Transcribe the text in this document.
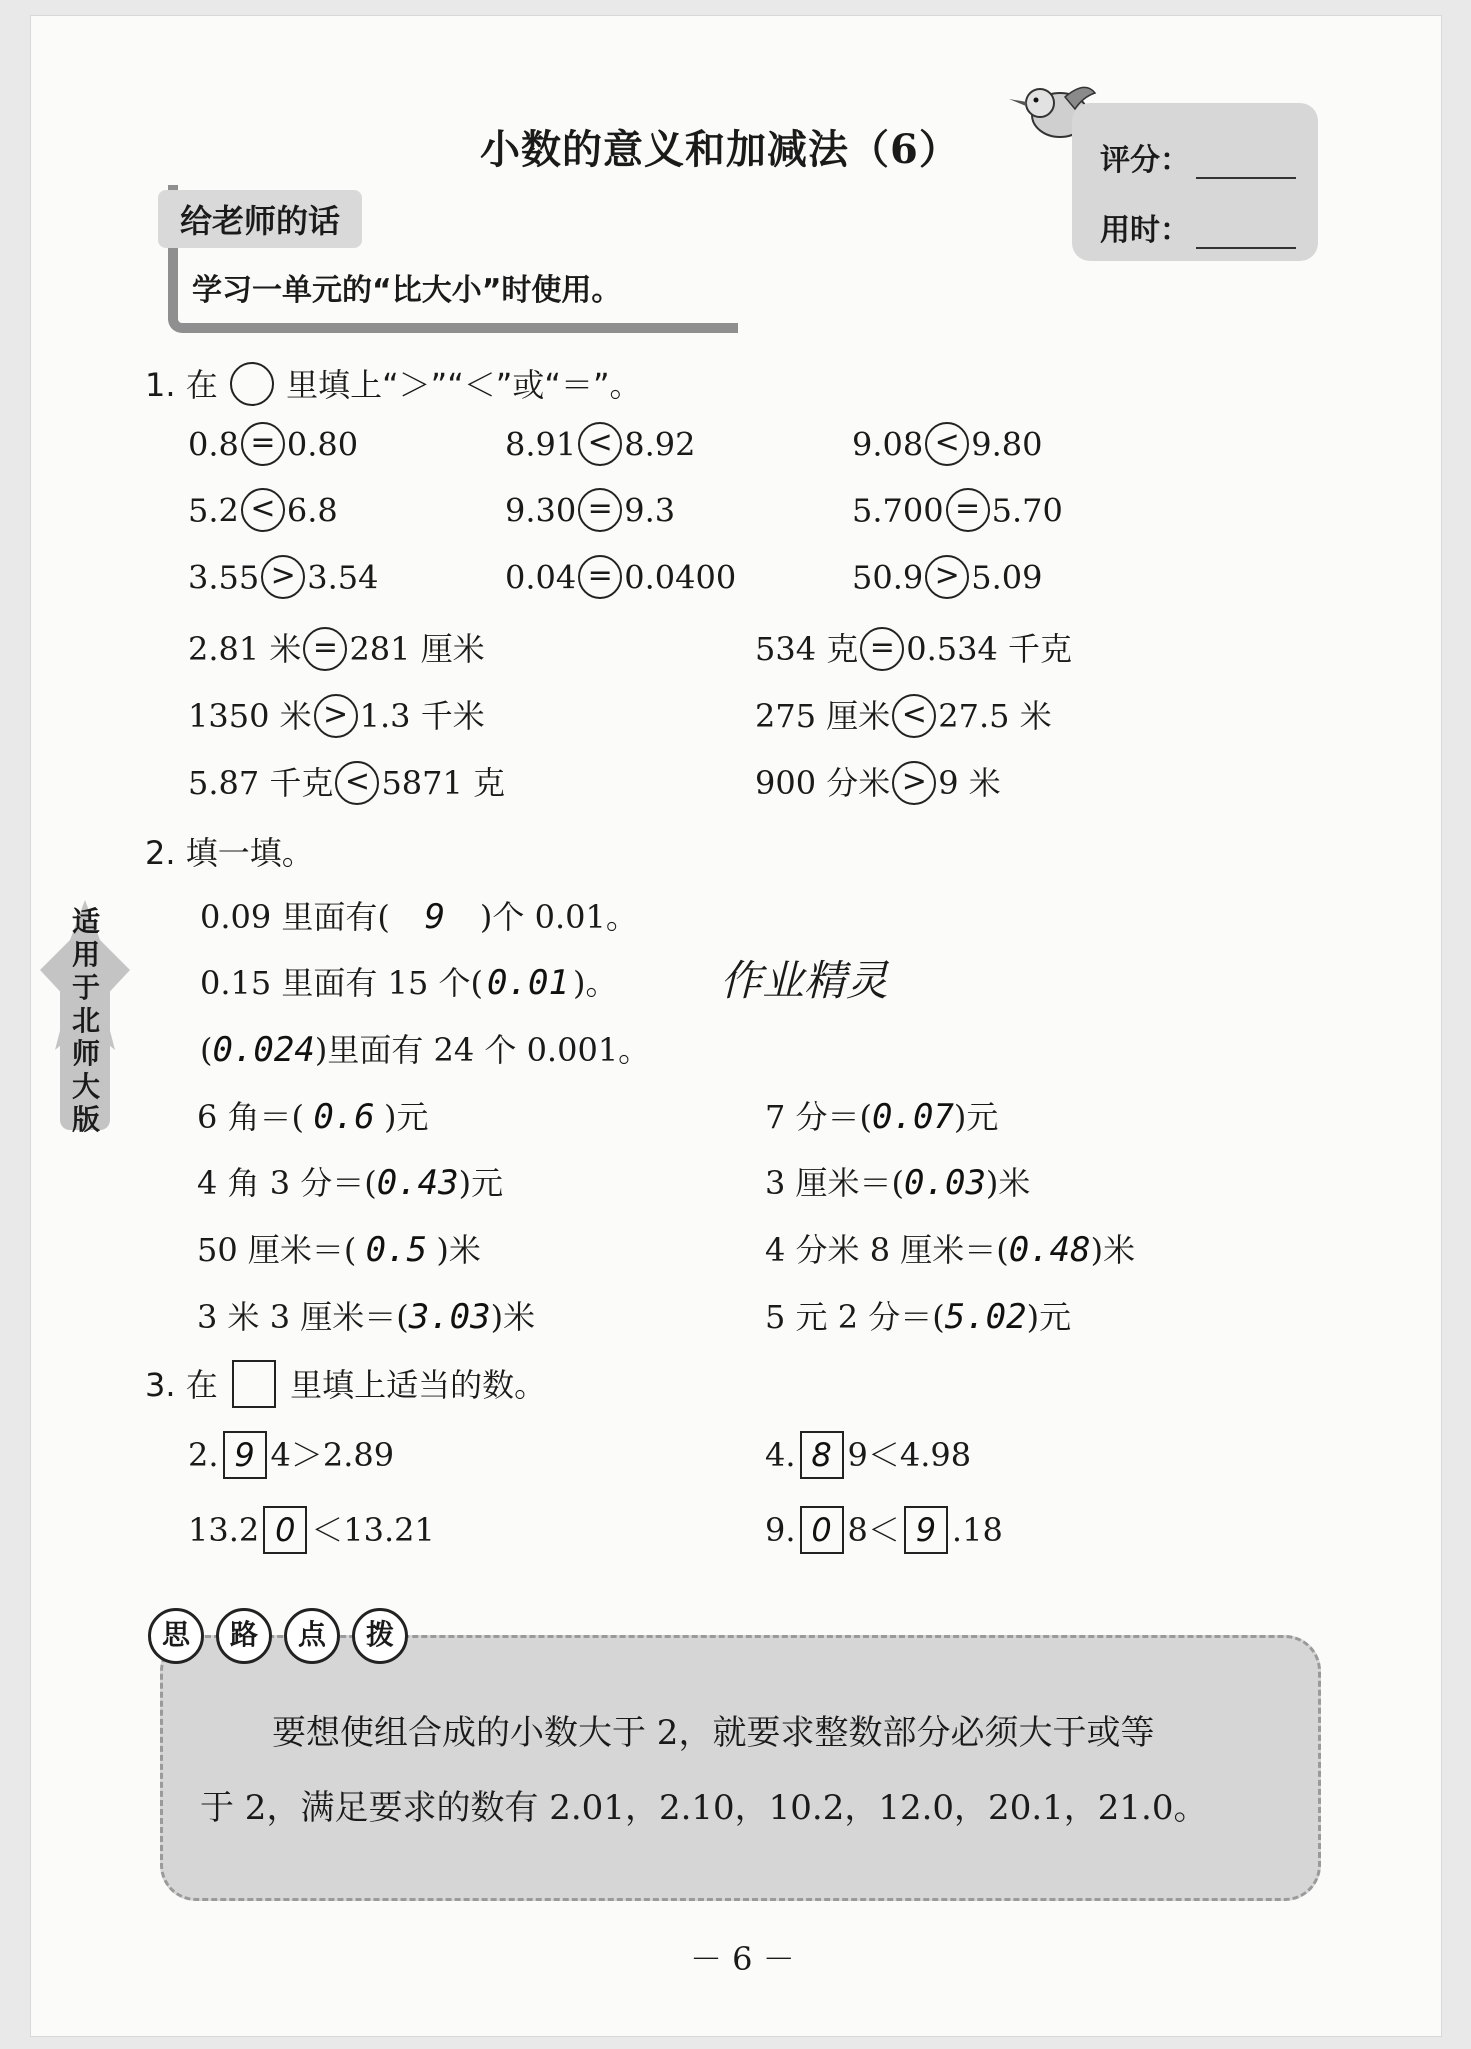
小数的意义和加减法（6）	评分：
用时：
给老师的话
学习一单元的“比大小”时使用。
适用于北师大版
1. 在 里填上“＞”“＜”或“＝”。
0.8 = 0.80	8.91 < 8.92	9.08 < 9.80
5.2 < 6.8	9.30 = 9.3	5.700 = 5.70
3.55 > 3.54	0.04 = 0.0400	50.9 > 5.09
2.81 米 = 281 厘米	534 克 = 0.534 千克
1350 米 > 1.3 千米	275 厘米 < 27.5 米
5.87 千克 < 5871 克	900 分米 > 9 米
2. 填一填。
0.09 里面有( 9 )个 0.01。
0.15 里面有 15 个( 0.01 )。
(0.024)里面有 24 个 0.001。
6 角＝( 0.6 )元	7 分＝(0.07)元
4 角 3 分＝(0.43)元	3 厘米＝(0.03)米
50 厘米＝( 0.5 )米	4 分米 8 厘米＝(0.48)米
3 米 3 厘米＝(3.03)米	5 元 2 分＝(5.02)元
作业精灵
3. 在 里填上适当的数。
2. 9 4＞2.89	4. 8 9＜4.98
13.2 0 ＜13.21	9. 0 8＜ 9 .18
思 路 点 拨
要想使组合成的小数大于 2，就要求整数部分必须大于或等
于 2，满足要求的数有 2.01，2.10，10.2，12.0，20.1，21.0。
－ 6 －
